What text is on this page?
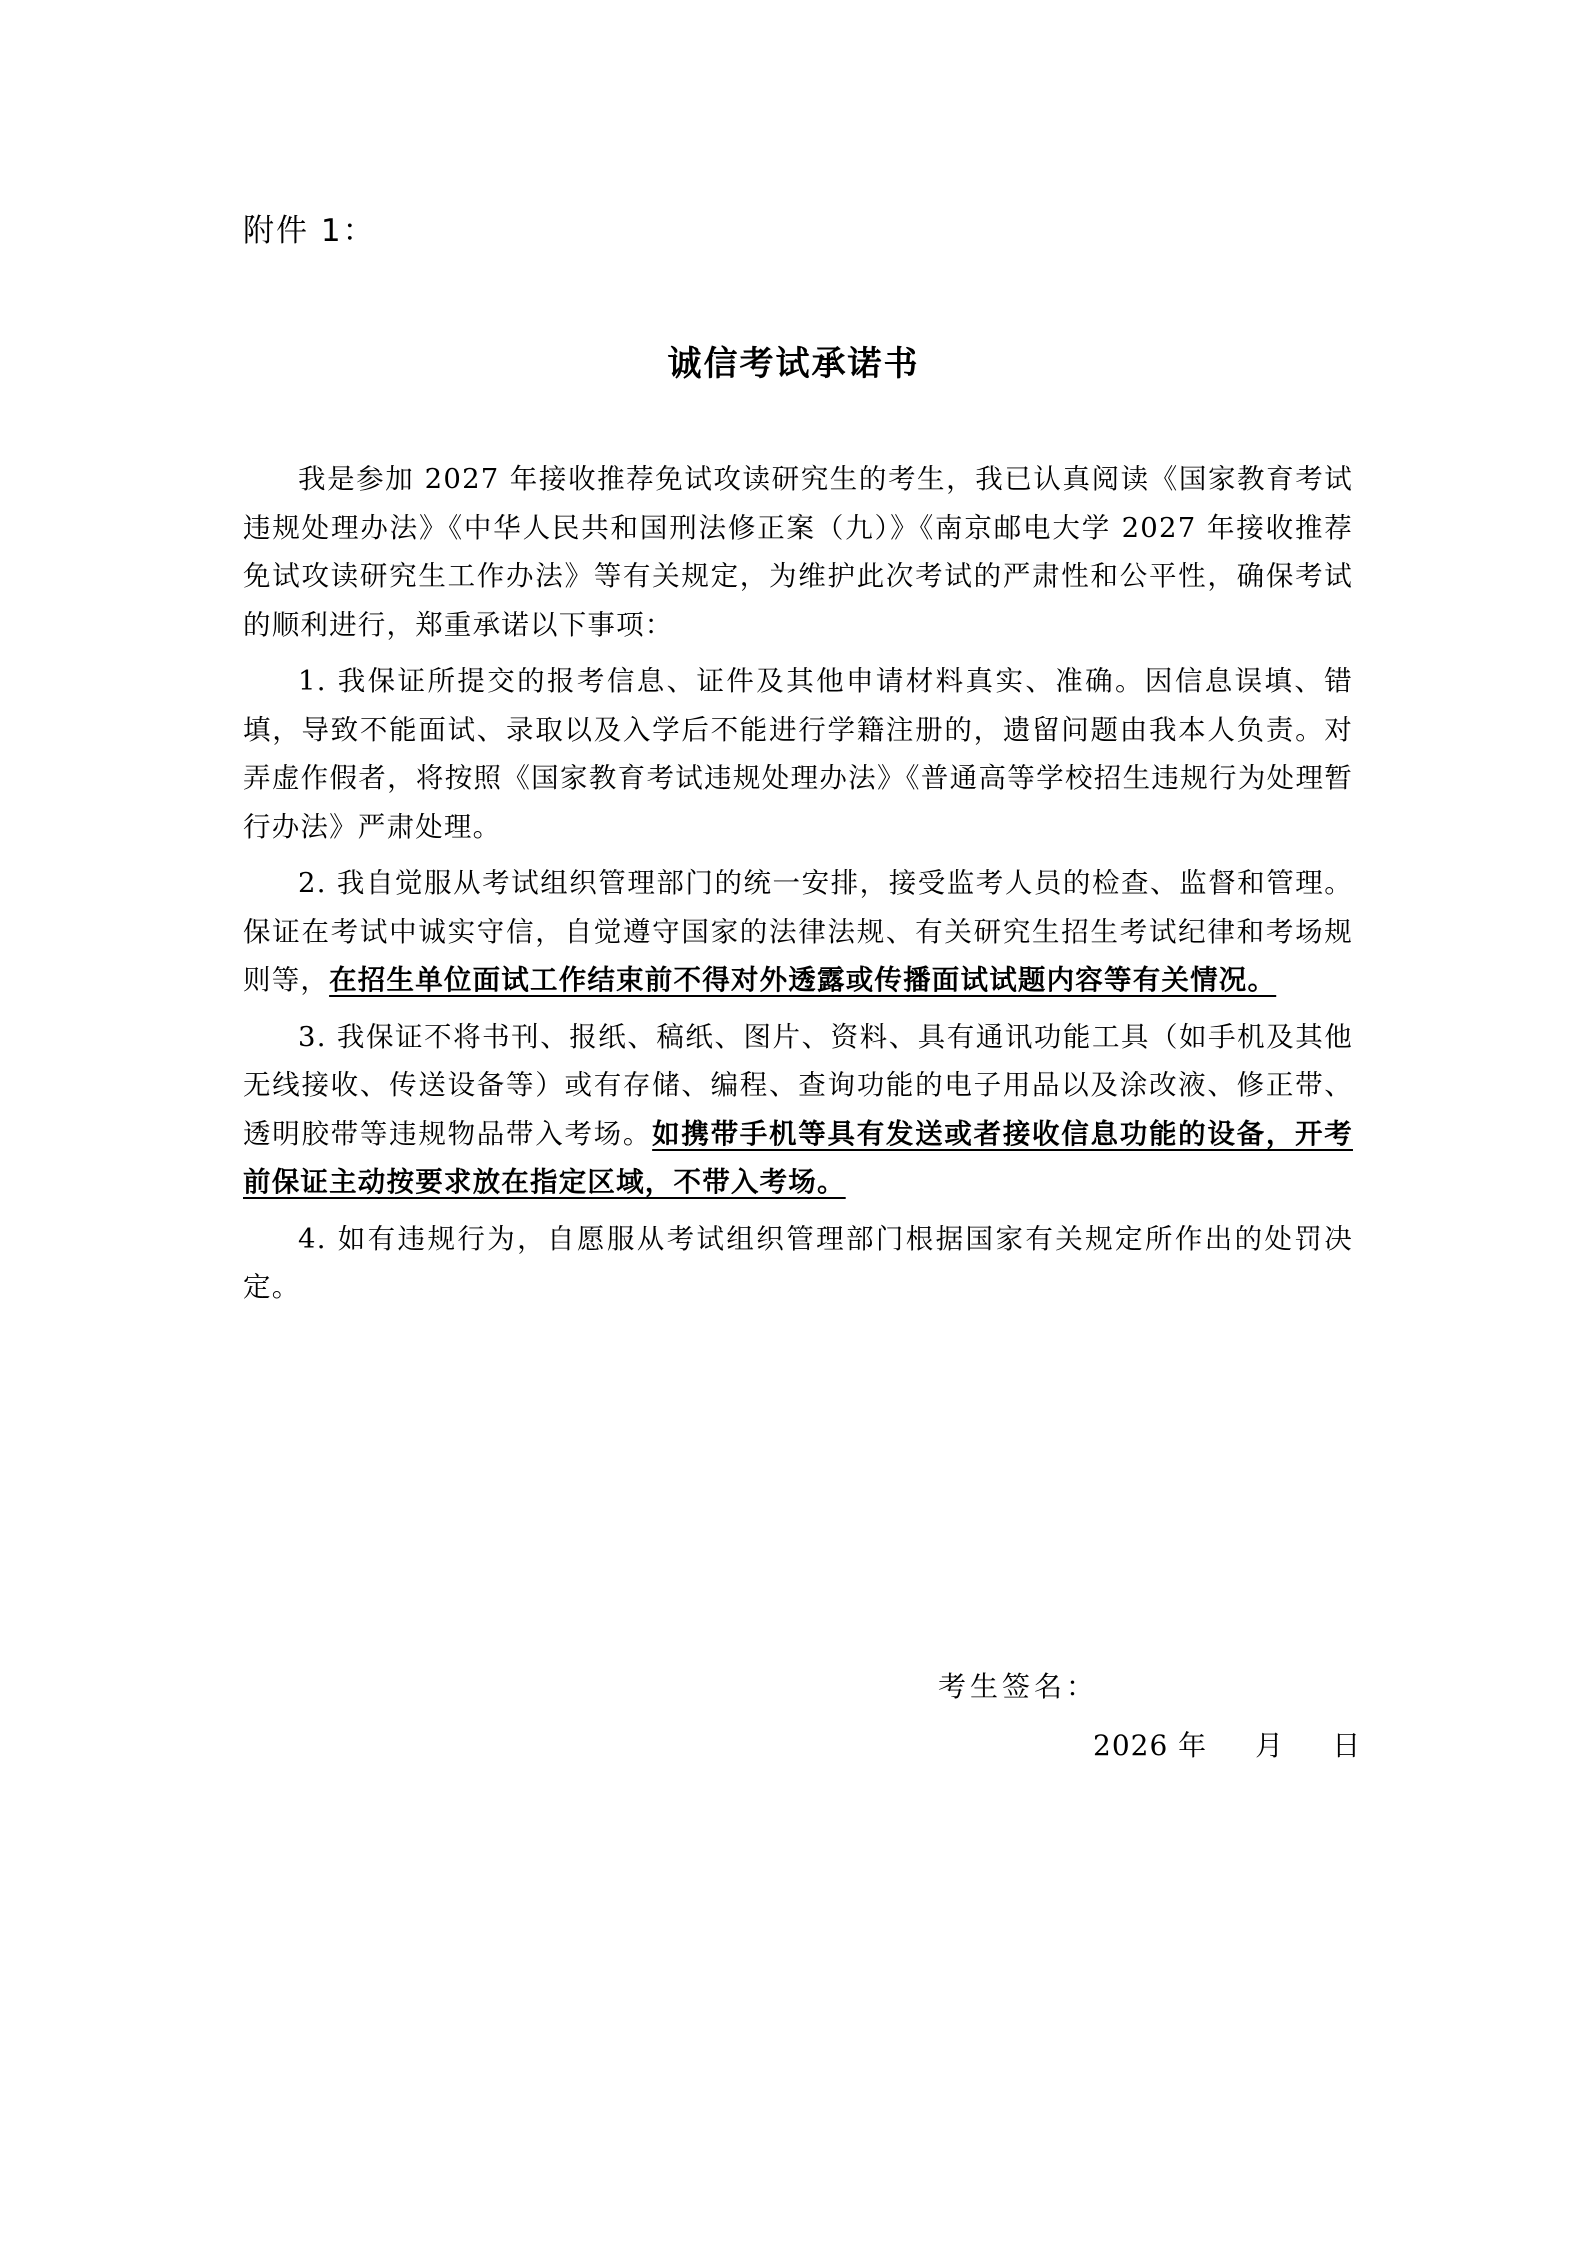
附件 1：
诚信考试承诺书

我是参加 2027 年接收推荐免试攻读研究生的考生，我已认真阅读《国家教育考试违规处理办法》《中华人民共和国刑法修正案（九）》《南京邮电大学 2027 年接收推荐免试攻读研究生工作办法》等有关规定，为维护此次考试的严肃性和公平性，确保考试的顺利进行，郑重承诺以下事项：

1. 我保证所提交的报考信息、证件及其他申请材料真实、准确。因信息误填、错填，导致不能面试、录取以及入学后不能进行学籍注册的，遗留问题由我本人负责。对弄虚作假者，将按照《国家教育考试违规处理办法》《普通高等学校招生违规行为处理暂行办法》严肃处理。

2. 我自觉服从考试组织管理部门的统一安排，接受监考人员的检查、监督和管理。保证在考试中诚实守信，自觉遵守国家的法律法规、有关研究生招生考试纪律和考场规则等，在招生单位面试工作结束前不得对外透露或传播面试试题内容等有关情况。

3. 我保证不将书刊、报纸、稿纸、图片、资料、具有通讯功能工具（如手机及其他无线接收、传送设备等）或有存储、编程、查询功能的电子用品以及涂改液、修正带、透明胶带等违规物品带入考场。如携带手机等具有发送或者接收信息功能的设备，开考前保证主动按要求放在指定区域，不带入考场。

4. 如有违规行为，自愿服从考试组织管理部门根据国家有关规定所作出的处罚决定。

考生签名：
2026 年 月 日
